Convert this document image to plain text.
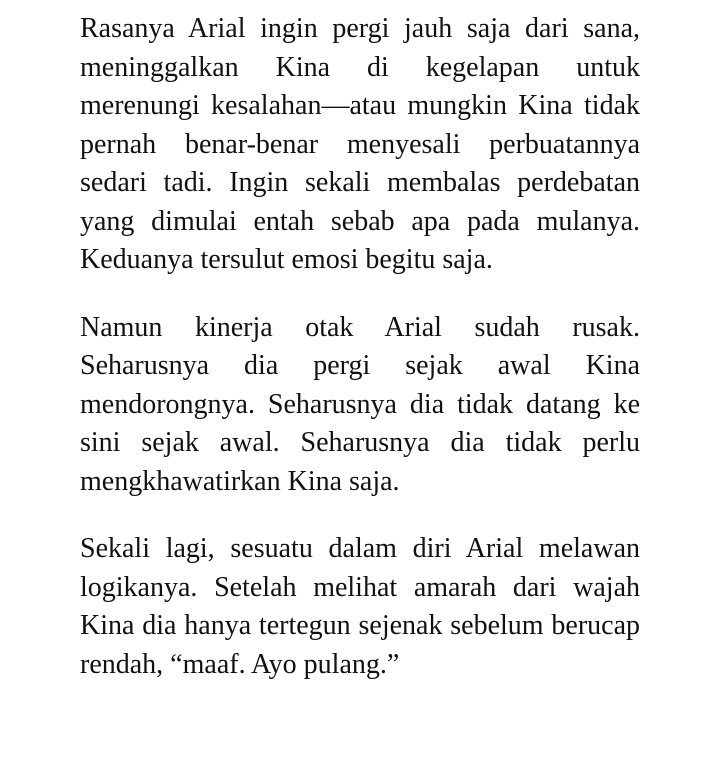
Rasanya Arial ingin pergi jauh saja dari sana, meninggalkan Kina di kegelapan untuk merenungi kesalahan—atau mungkin Kina tidak pernah benar-benar menyesali perbuatannya sedari tadi. Ingin sekali membalas perdebatan yang dimulai entah sebab apa pada mulanya. Keduanya tersulut emosi begitu saja.

Namun kinerja otak Arial sudah rusak. Seharusnya dia pergi sejak awal Kina mendorongnya. Seharusnya dia tidak datang ke sini sejak awal. Seharusnya dia tidak perlu mengkhawatirkan Kina saja.

Sekali lagi, sesuatu dalam diri Arial melawan logikanya. Setelah melihat amarah dari wajah Kina dia hanya tertegun sejenak sebelum berucap rendah, “maaf. Ayo pulang.”
